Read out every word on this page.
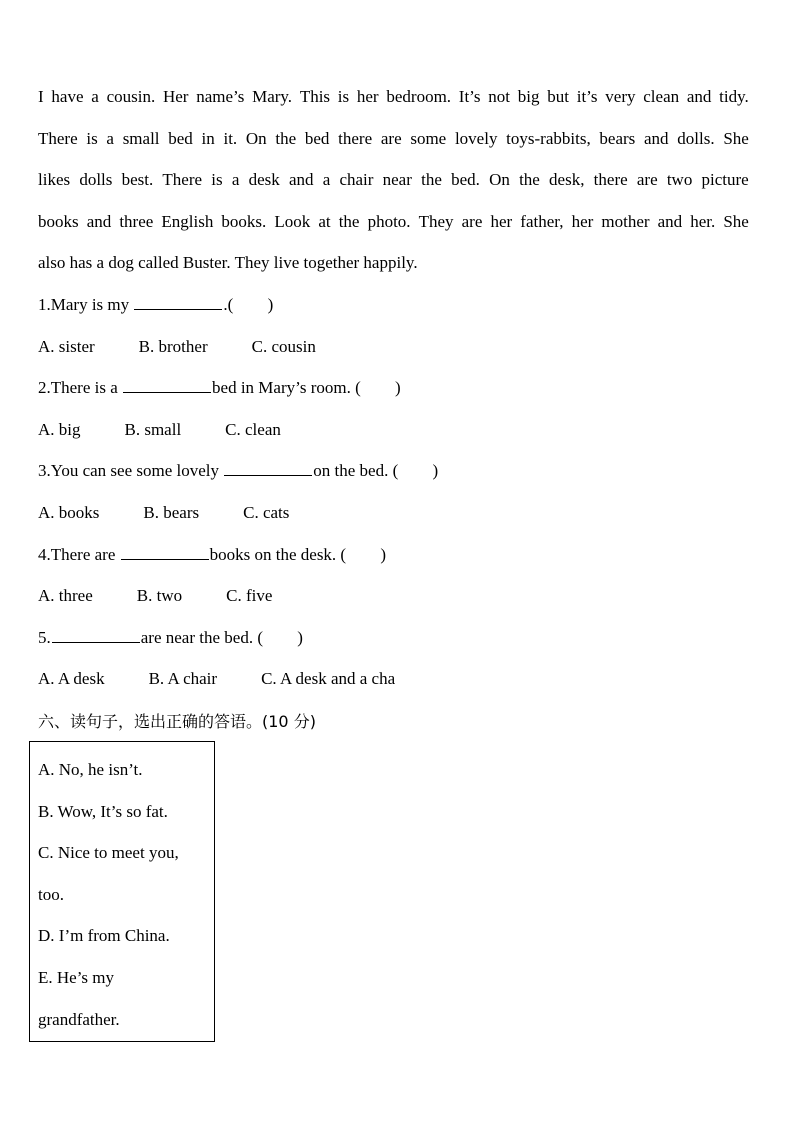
I have a cousin. Her name’s Mary. This is her bedroom. It’s not big but it’s very clean and tidy.
There is a small bed in it. On the bed there are some lovely toys-rabbits, bears and dolls. She
likes dolls best. There is a desk and a chair near the bed. On the desk, there are two picture
books and three English books. Look at the photo. They are her father, her mother and her. She
also has a dog called Buster. They live together happily.
1.Mary is my	.( )
A. sister	B. brother	C. cousin
2.There is a	bed in Mary’s room. ( )
A. big	B. small	C. clean
3.You can see some lovely	on the bed. ( )
A. books	B. bears	C. cats
4.There are	books on the desk. ( )
A. three	B. two	C. five
5.	are near the bed. ( )
A. A desk	B. A chair	C. A desk and a cha
六、读句子，选出正确的答语。(10 分)
A. No, he isn’t.
B. Wow, It’s so fat.
C. Nice to meet you,
too.
D. I’m from China.
E. He’s my
grandfather.
